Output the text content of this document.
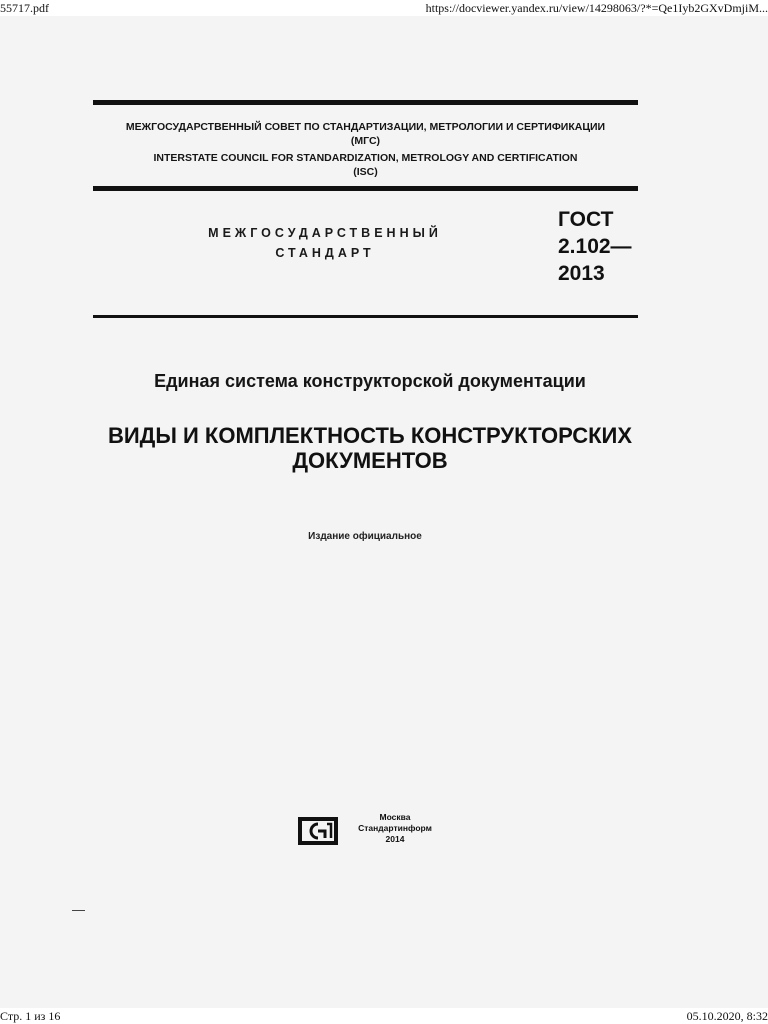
55717.pdf	https://docviewer.yandex.ru/view/14298063/?*=Qe1Iyb2GXvDmjiM...
МЕЖГОСУДАРСТВЕННЫЙ СОВЕТ ПО СТАНДАРТИЗАЦИИ, МЕТРОЛОГИИ И СЕРТИФИКАЦИИ
(МГС)
INTERSTATE COUNCIL FOR STANDARDIZATION, METROLOGY AND CERTIFICATION
(ISC)
МЕЖГОСУДАРСТВЕННЫЙ
СТАНДАРТ
ГОСТ
2.102—
2013
Единая система конструкторской документации
ВИДЫ И КОМПЛЕКТНОСТЬ КОНСТРУКТОРСКИХ
ДОКУМЕНТОВ
Издание официальное
Москва
Стандартинформ
2014
Стр. 1 из 16	05.10.2020, 8:32
